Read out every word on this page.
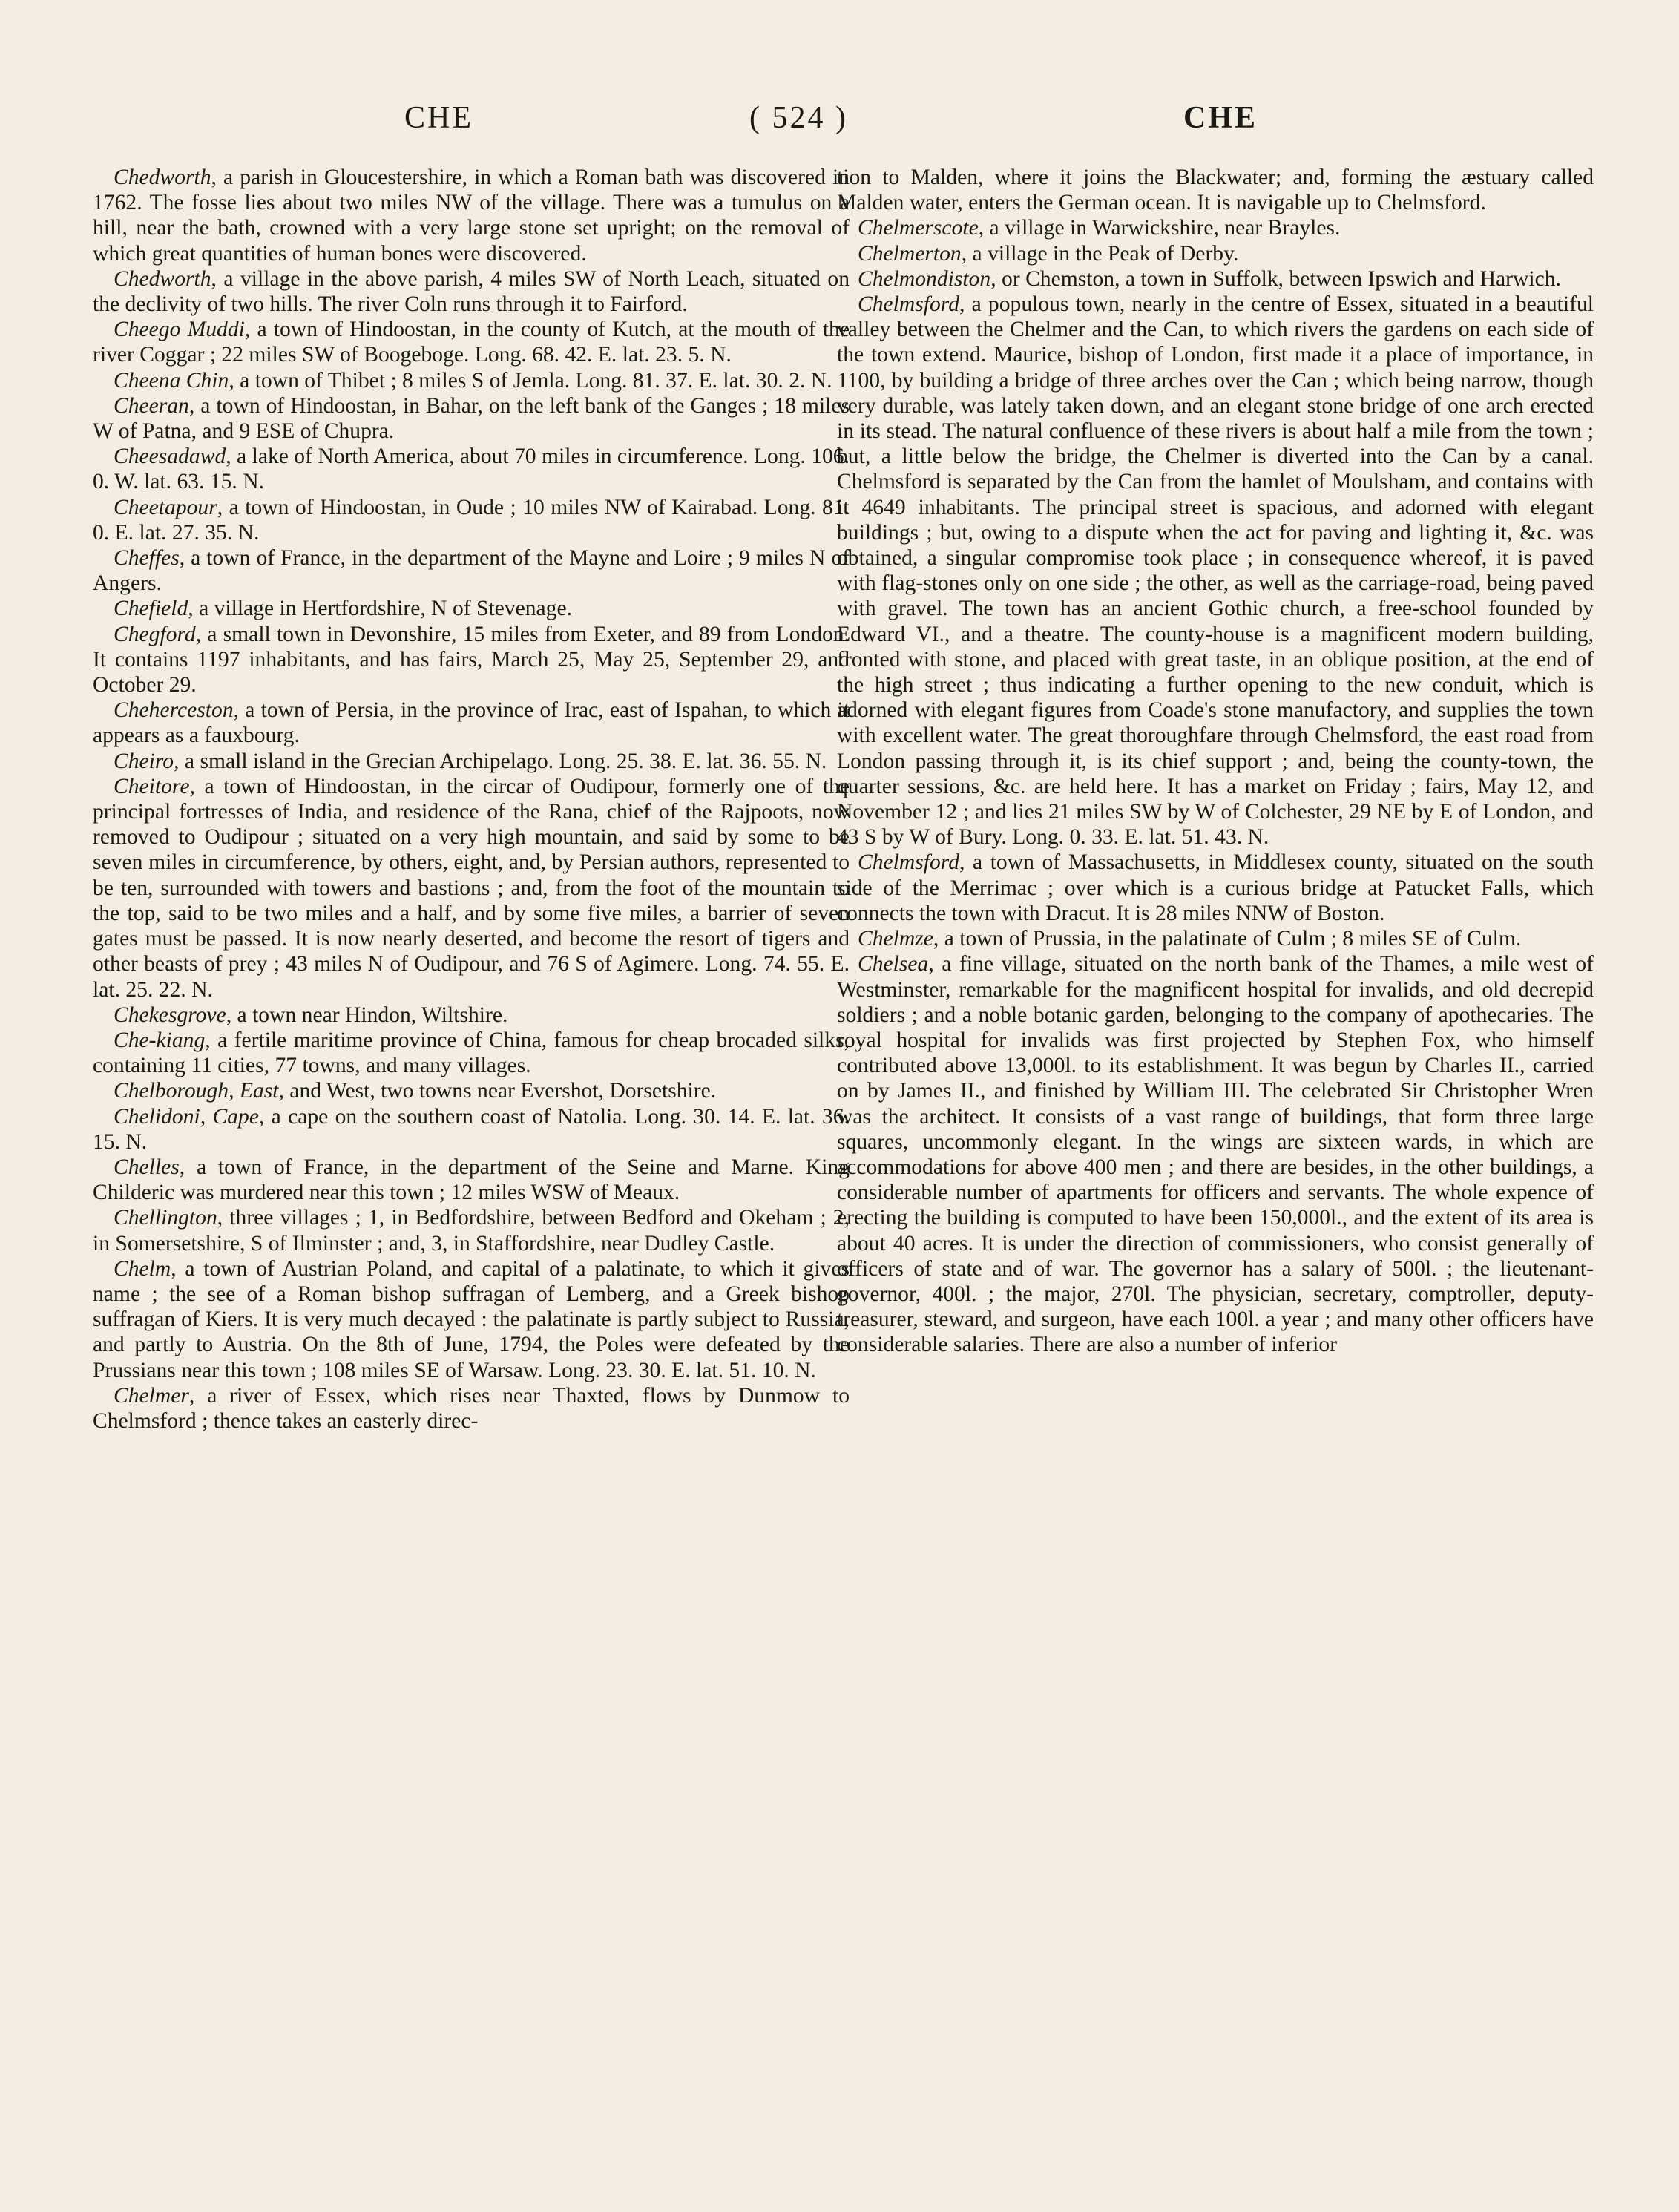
CHE	( 524 )	CHE

Chedworth, a parish in Gloucestershire, in which a Roman bath was discovered in 1762. The fosse lies about two miles NW of the village. There was a tumulus on a hill, near the bath, crowned with a very large stone set upright; on the removal of which great quantities of human bones were discovered.

Chedworth, a village in the above parish, 4 miles SW of North Leach, situated on the declivity of two hills. The river Coln runs through it to Fairford.

Cheego Muddi, a town of Hindoostan, in the county of Kutch, at the mouth of the river Coggar ; 22 miles SW of Boogeboge. Long. 68. 42. E. lat. 23. 5. N.

Cheena Chin, a town of Thibet ; 8 miles S of Jemla. Long. 81. 37. E. lat. 30. 2. N.

Cheeran, a town of Hindoostan, in Bahar, on the left bank of the Ganges ; 18 miles W of Patna, and 9 ESE of Chupra.

Cheesadawd, a lake of North America, about 70 miles in circumference. Long. 106. 0. W. lat. 63. 15. N.

Cheetapour, a town of Hindoostan, in Oude ; 10 miles NW of Kairabad. Long. 81. 0. E. lat. 27. 35. N.

Cheffes, a town of France, in the department of the Mayne and Loire ; 9 miles N of Angers.

Chefield, a village in Hertfordshire, N of Stevenage.

Chegford, a small town in Devonshire, 15 miles from Exeter, and 89 from London. It contains 1197 inhabitants, and has fairs, March 25, May 25, September 29, and October 29.

Cheherceston, a town of Persia, in the province of Irac, east of Ispahan, to which it appears as a fauxbourg.

Cheiro, a small island in the Grecian Archipelago. Long. 25. 38. E. lat. 36. 55. N.

Cheitore, a town of Hindoostan, in the circar of Oudipour, formerly one of the principal fortresses of India, and residence of the Rana, chief of the Rajpoots, now removed to Oudipour ; situated on a very high mountain, and said by some to be seven miles in circumference, by others, eight, and, by Persian authors, represented to be ten, surrounded with towers and bastions ; and, from the foot of the mountain to the top, said to be two miles and a half, and by some five miles, a barrier of seven gates must be passed. It is now nearly deserted, and become the resort of tigers and other beasts of prey ; 43 miles N of Oudipour, and 76 S of Agimere. Long. 74. 55. E. lat. 25. 22. N.

Chekesgrove, a town near Hindon, Wiltshire.

Che-kiang, a fertile maritime province of China, famous for cheap brocaded silks, containing 11 cities, 77 towns, and many villages.

Chelborough, East, and West, two towns near Evershot, Dorsetshire.

Chelidoni, Cape, a cape on the southern coast of Natolia. Long. 30. 14. E. lat. 36. 15. N.

Chelles, a town of France, in the department of the Seine and Marne. King Childeric was murdered near this town ; 12 miles WSW of Meaux.

Chellington, three villages ; 1, in Bedfordshire, between Bedford and Okeham ; 2, in Somersetshire, S of Ilminster ; and, 3, in Staffordshire, near Dudley Castle.

Chelm, a town of Austrian Poland, and capital of a palatinate, to which it gives name ; the see of a Roman bishop suffragan of Lemberg, and a Greek bishop suffragan of Kiers. It is very much decayed : the palatinate is partly subject to Russia, and partly to Austria. On the 8th of June, 1794, the Poles were defeated by the Prussians near this town ; 108 miles SE of Warsaw. Long. 23. 30. E. lat. 51. 10. N.

Chelmer, a river of Essex, which rises near Thaxted, flows by Dunmow to Chelmsford ; thence takes an easterly direc-

tion to Malden, where it joins the Blackwater; and, forming the æstuary called Malden water, enters the German ocean. It is navigable up to Chelmsford.

Chelmerscote, a village in Warwickshire, near Brayles.

Chelmerton, a village in the Peak of Derby.

Chelmondiston, or Chemston, a town in Suffolk, between Ipswich and Harwich.

Chelmsford, a populous town, nearly in the centre of Essex, situated in a beautiful valley between the Chelmer and the Can, to which rivers the gardens on each side of the town extend. Maurice, bishop of London, first made it a place of importance, in 1100, by building a bridge of three arches over the Can ; which being narrow, though very durable, was lately taken down, and an elegant stone bridge of one arch erected in its stead. The natural confluence of these rivers is about half a mile from the town ; but, a little below the bridge, the Chelmer is diverted into the Can by a canal. Chelmsford is separated by the Can from the hamlet of Moulsham, and contains with it 4649 inhabitants. The principal street is spacious, and adorned with elegant buildings ; but, owing to a dispute when the act for paving and lighting it, &c. was obtained, a singular compromise took place ; in consequence whereof, it is paved with flag-stones only on one side ; the other, as well as the carriage-road, being paved with gravel. The town has an ancient Gothic church, a free-school founded by Edward VI., and a theatre. The county-house is a magnificent modern building, fronted with stone, and placed with great taste, in an oblique position, at the end of the high street ; thus indicating a further opening to the new conduit, which is adorned with elegant figures from Coade's stone manufactory, and supplies the town with excellent water. The great thoroughfare through Chelmsford, the east road from London passing through it, is its chief support ; and, being the county-town, the quarter sessions, &c. are held here. It has a market on Friday ; fairs, May 12, and November 12 ; and lies 21 miles SW by W of Colchester, 29 NE by E of London, and 43 S by W of Bury. Long. 0. 33. E. lat. 51. 43. N.

Chelmsford, a town of Massachusetts, in Middlesex county, situated on the south side of the Merrimac ; over which is a curious bridge at Patucket Falls, which connects the town with Dracut. It is 28 miles NNW of Boston.

Chelmze, a town of Prussia, in the palatinate of Culm ; 8 miles SE of Culm.

Chelsea, a fine village, situated on the north bank of the Thames, a mile west of Westminster, remarkable for the magnificent hospital for invalids, and old decrepid soldiers ; and a noble botanic garden, belonging to the company of apothecaries. The royal hospital for invalids was first projected by Stephen Fox, who himself contributed above 13,000l. to its establishment. It was begun by Charles II., carried on by James II., and finished by William III. The celebrated Sir Christopher Wren was the architect. It consists of a vast range of buildings, that form three large squares, uncommonly elegant. In the wings are sixteen wards, in which are accommodations for above 400 men ; and there are besides, in the other buildings, a considerable number of apartments for officers and servants. The whole expence of erecting the building is computed to have been 150,000l., and the extent of its area is about 40 acres. It is under the direction of commissioners, who consist generally of officers of state and of war. The governor has a salary of 500l. ; the lieutenant-governor, 400l. ; the major, 270l. The physician, secretary, comptroller, deputy-treasurer, steward, and surgeon, have each 100l. a year ; and many other officers have considerable salaries. There are also a number of inferior
